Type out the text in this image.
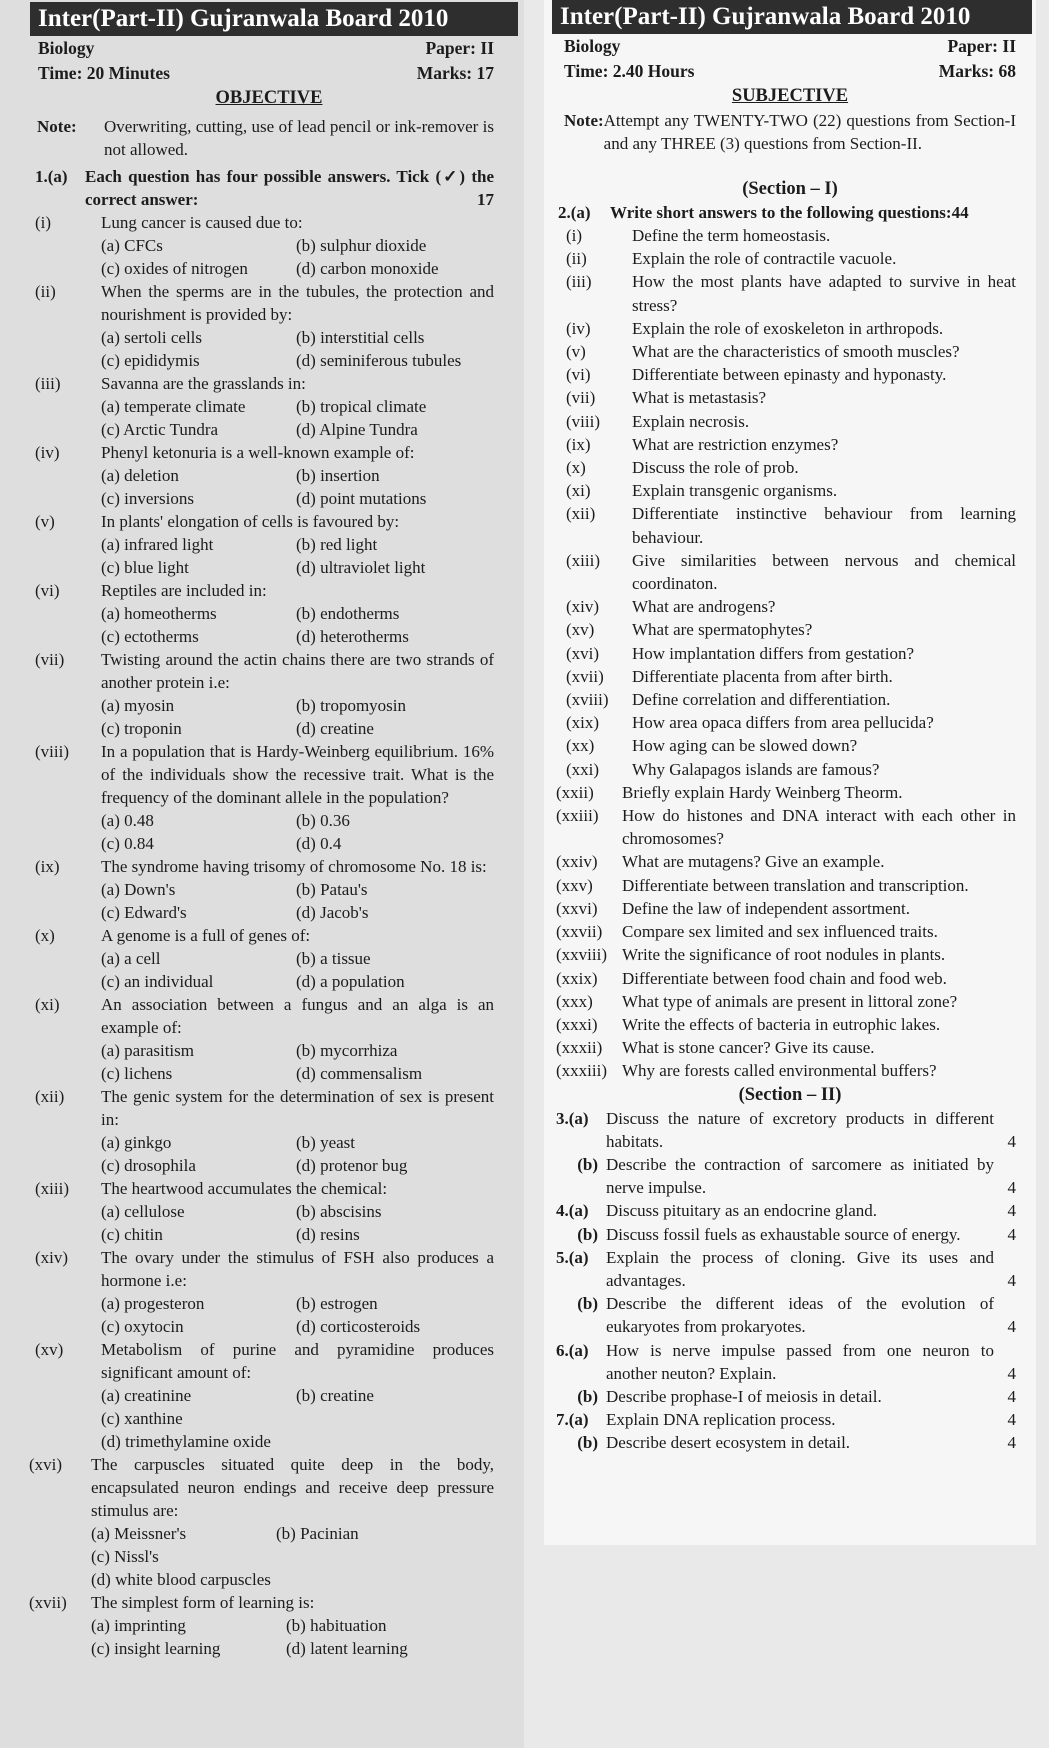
Inter(Part-II) Gujranwala Board 2010
Biology	Paper: II
Time: 20 Minutes	Marks: 17
OBJECTIVE
Note:	Overwriting, cutting, use of lead pencil or ink-remover is not allowed.
1.(a)	Each question has four possible answers. Tick (✓) the correct answer:	17
(i)	Lung cancer is caused due to:
(a) CFCs	(b) sulphur dioxide
(c) oxides of nitrogen	(d) carbon monoxide
(ii)	When the sperms are in the tubules, the protection and nourishment is provided by:
(a) sertoli cells	(b) interstitial cells
(c) epididymis	(d) seminiferous tubules
(iii)	Savanna are the grasslands in:
(a) temperate climate	(b) tropical climate
(c) Arctic Tundra	(d) Alpine Tundra
(iv)	Phenyl ketonuria is a well-known example of:
(a) deletion	(b) insertion
(c) inversions	(d) point mutations
(v)	In plants' elongation of cells is favoured by:
(a) infrared light	(b) red light
(c) blue light	(d) ultraviolet light
(vi)	Reptiles are included in:
(a) homeotherms	(b) endotherms
(c) ectotherms	(d) heterotherms
(vii)	Twisting around the actin chains there are two strands of another protein i.e:
(a) myosin	(b) tropomyosin
(c) troponin	(d) creatine
(viii)	In a population that is Hardy-Weinberg equilibrium. 16% of the individuals show the recessive trait. What is the frequency of the dominant allele in the population?
(a) 0.48	(b) 0.36
(c) 0.84	(d) 0.4
(ix)	The syndrome having trisomy of chromosome No. 18 is:
(a) Down's	(b) Patau's
(c) Edward's	(d) Jacob's
(x)	A genome is a full of genes of:
(a) a cell	(b) a tissue
(c) an individual	(d) a population
(xi)	An association between a fungus and an alga is an example of:
(a) parasitism	(b) mycorrhiza
(c) lichens	(d) commensalism
(xii)	The genic system for the determination of sex is present in:
(a) ginkgo	(b) yeast
(c) drosophila	(d) protenor bug
(xiii)	The heartwood accumulates the chemical:
(a) cellulose	(b) abscisins
(c) chitin	(d) resins
(xiv)	The ovary under the stimulus of FSH also produces a hormone i.e:
(a) progesteron	(b) estrogen
(c) oxytocin	(d) corticosteroids
(xv)	Metabolism of purine and pyramidine produces significant amount of:
(a) creatinine	(b) creatine
(c) xanthine
(d) trimethylamine oxide
(xvi)	The carpuscles situated quite deep in the body, encapsulated neuron endings and receive deep pressure stimulus are:
(a) Meissner's	(b) Pacinian
(c) Nissl's
(d) white blood carpuscles
(xvii)	The simplest form of learning is:
(a) imprinting	(b) habituation
(c) insight learning	(d) latent learning
Inter(Part-II) Gujranwala Board 2010
Biology	Paper: II
Time: 2.40 Hours	Marks: 68
SUBJECTIVE
Note: Attempt any TWENTY-TWO (22) questions from Section-I and any THREE (3) questions from Section-II.
(Section – I)
2.(a)	Write short answers to the following questions:44
(i)	Define the term homeostasis.
(ii)	Explain the role of contractile vacuole.
(iii)	How the most plants have adapted to survive in heat stress?
(iv)	Explain the role of exoskeleton in arthropods.
(v)	What are the characteristics of smooth muscles?
(vi)	Differentiate between epinasty and hyponasty.
(vii)	What is metastasis?
(viii)	Explain necrosis.
(ix)	What are restriction enzymes?
(x)	Discuss the role of prob.
(xi)	Explain transgenic organisms.
(xii)	Differentiate instinctive behaviour from learning behaviour.
(xiii)	Give similarities between nervous and chemical coordinaton.
(xiv)	What are androgens?
(xv)	What are spermatophytes?
(xvi)	How implantation differs from gestation?
(xvii)	Differentiate placenta from after birth.
(xviii)	Define correlation and differentiation.
(xix)	How area opaca differs from area pellucida?
(xx)	How aging can be slowed down?
(xxi)	Why Galapagos islands are famous?
(xxii)	Briefly explain Hardy Weinberg Theorm.
(xxiii)	How do histones and DNA interact with each other in chromosomes?
(xxiv)	What are mutagens? Give an example.
(xxv)	Differentiate between translation and transcription.
(xxvi)	Define the law of independent assortment.
(xxvii)	Compare sex limited and sex influenced traits.
(xxviii) Write the significance of root nodules in plants.
(xxix)	Differentiate between food chain and food web.
(xxx)	What type of animals are present in littoral zone?
(xxxi)	Write the effects of bacteria in eutrophic lakes.
(xxxii)	What is stone cancer? Give its cause.
(xxxiii) Why are forests called environmental buffers?
(Section – II)
3.(a)	Discuss the nature of excretory products in different habitats.	4
(b) Describe the contraction of sarcomere as initiated by nerve impulse.	4
4.(a)	Discuss pituitary as an endocrine gland.	4
(b) Discuss fossil fuels as exhaustable source of energy.	4
5.(a)	Explain the process of cloning. Give its uses and advantages.	4
(b) Describe the different ideas of the evolution of eukaryotes from prokaryotes.	4
6.(a)	How is nerve impulse passed from one neuron to another neuton? Explain.	4
(b) Describe prophase-I of meiosis in detail.	4
7.(a)	Explain DNA replication process.	4
(b) Describe desert ecosystem in detail.	4
